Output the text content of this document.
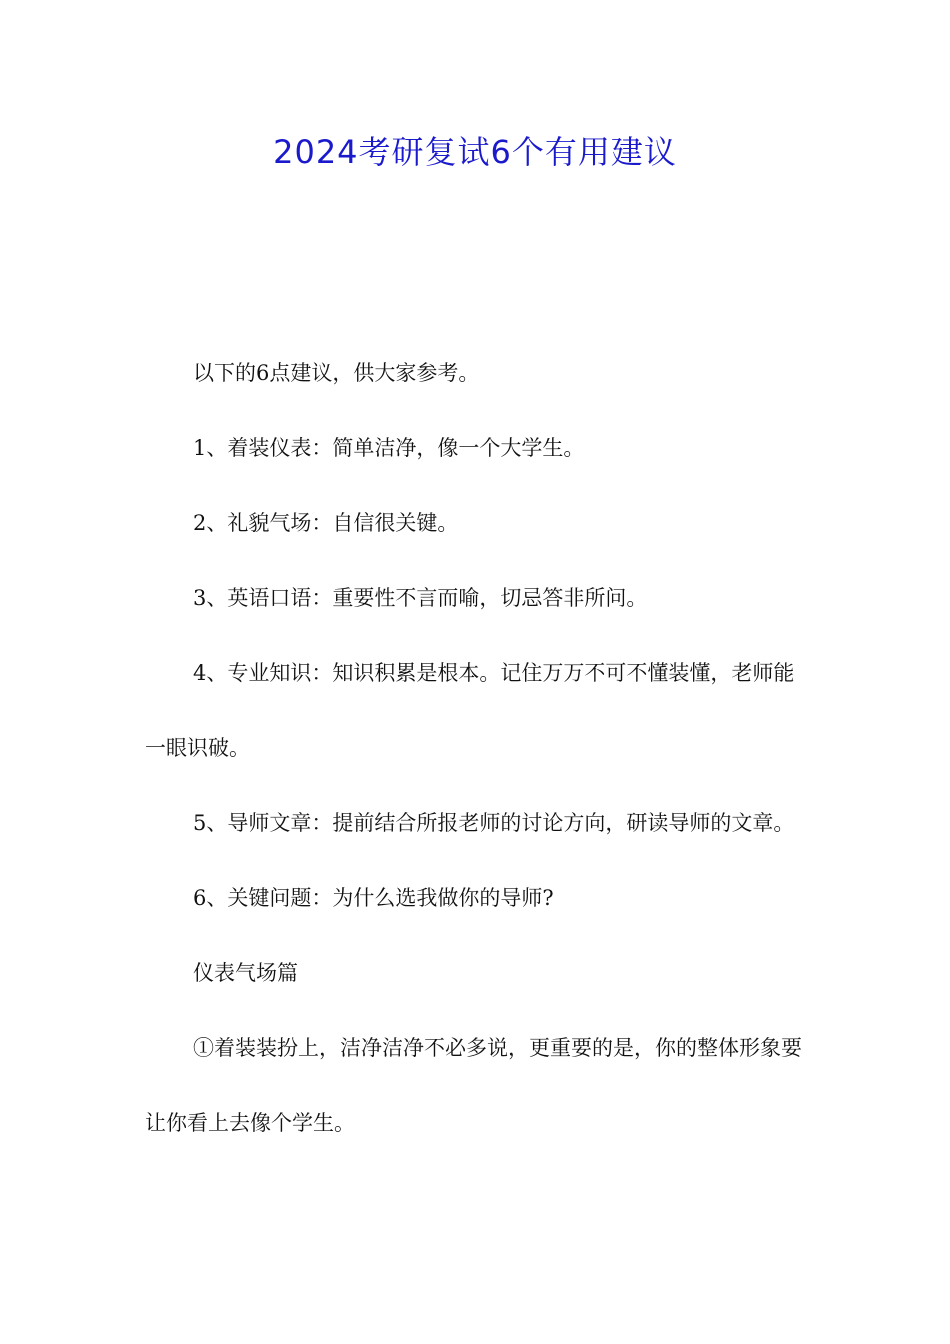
2024考研复试6个有用建议

以下的6点建议，供大家参考。

1、着装仪表：简单洁净，像一个大学生。

2、礼貌气场：自信很关键。

3、英语口语：重要性不言而喻，切忌答非所问。

4、专业知识：知识积累是根本。记住万万不可不懂装懂，老师能一眼识破。

5、导师文章：提前结合所报老师的讨论方向，研读导师的文章。

6、关键问题：为什么选我做你的导师?

仪表气场篇

①着装装扮上，洁净洁净不必多说，更重要的是，你的整体形象要让你看上去像个学生。
